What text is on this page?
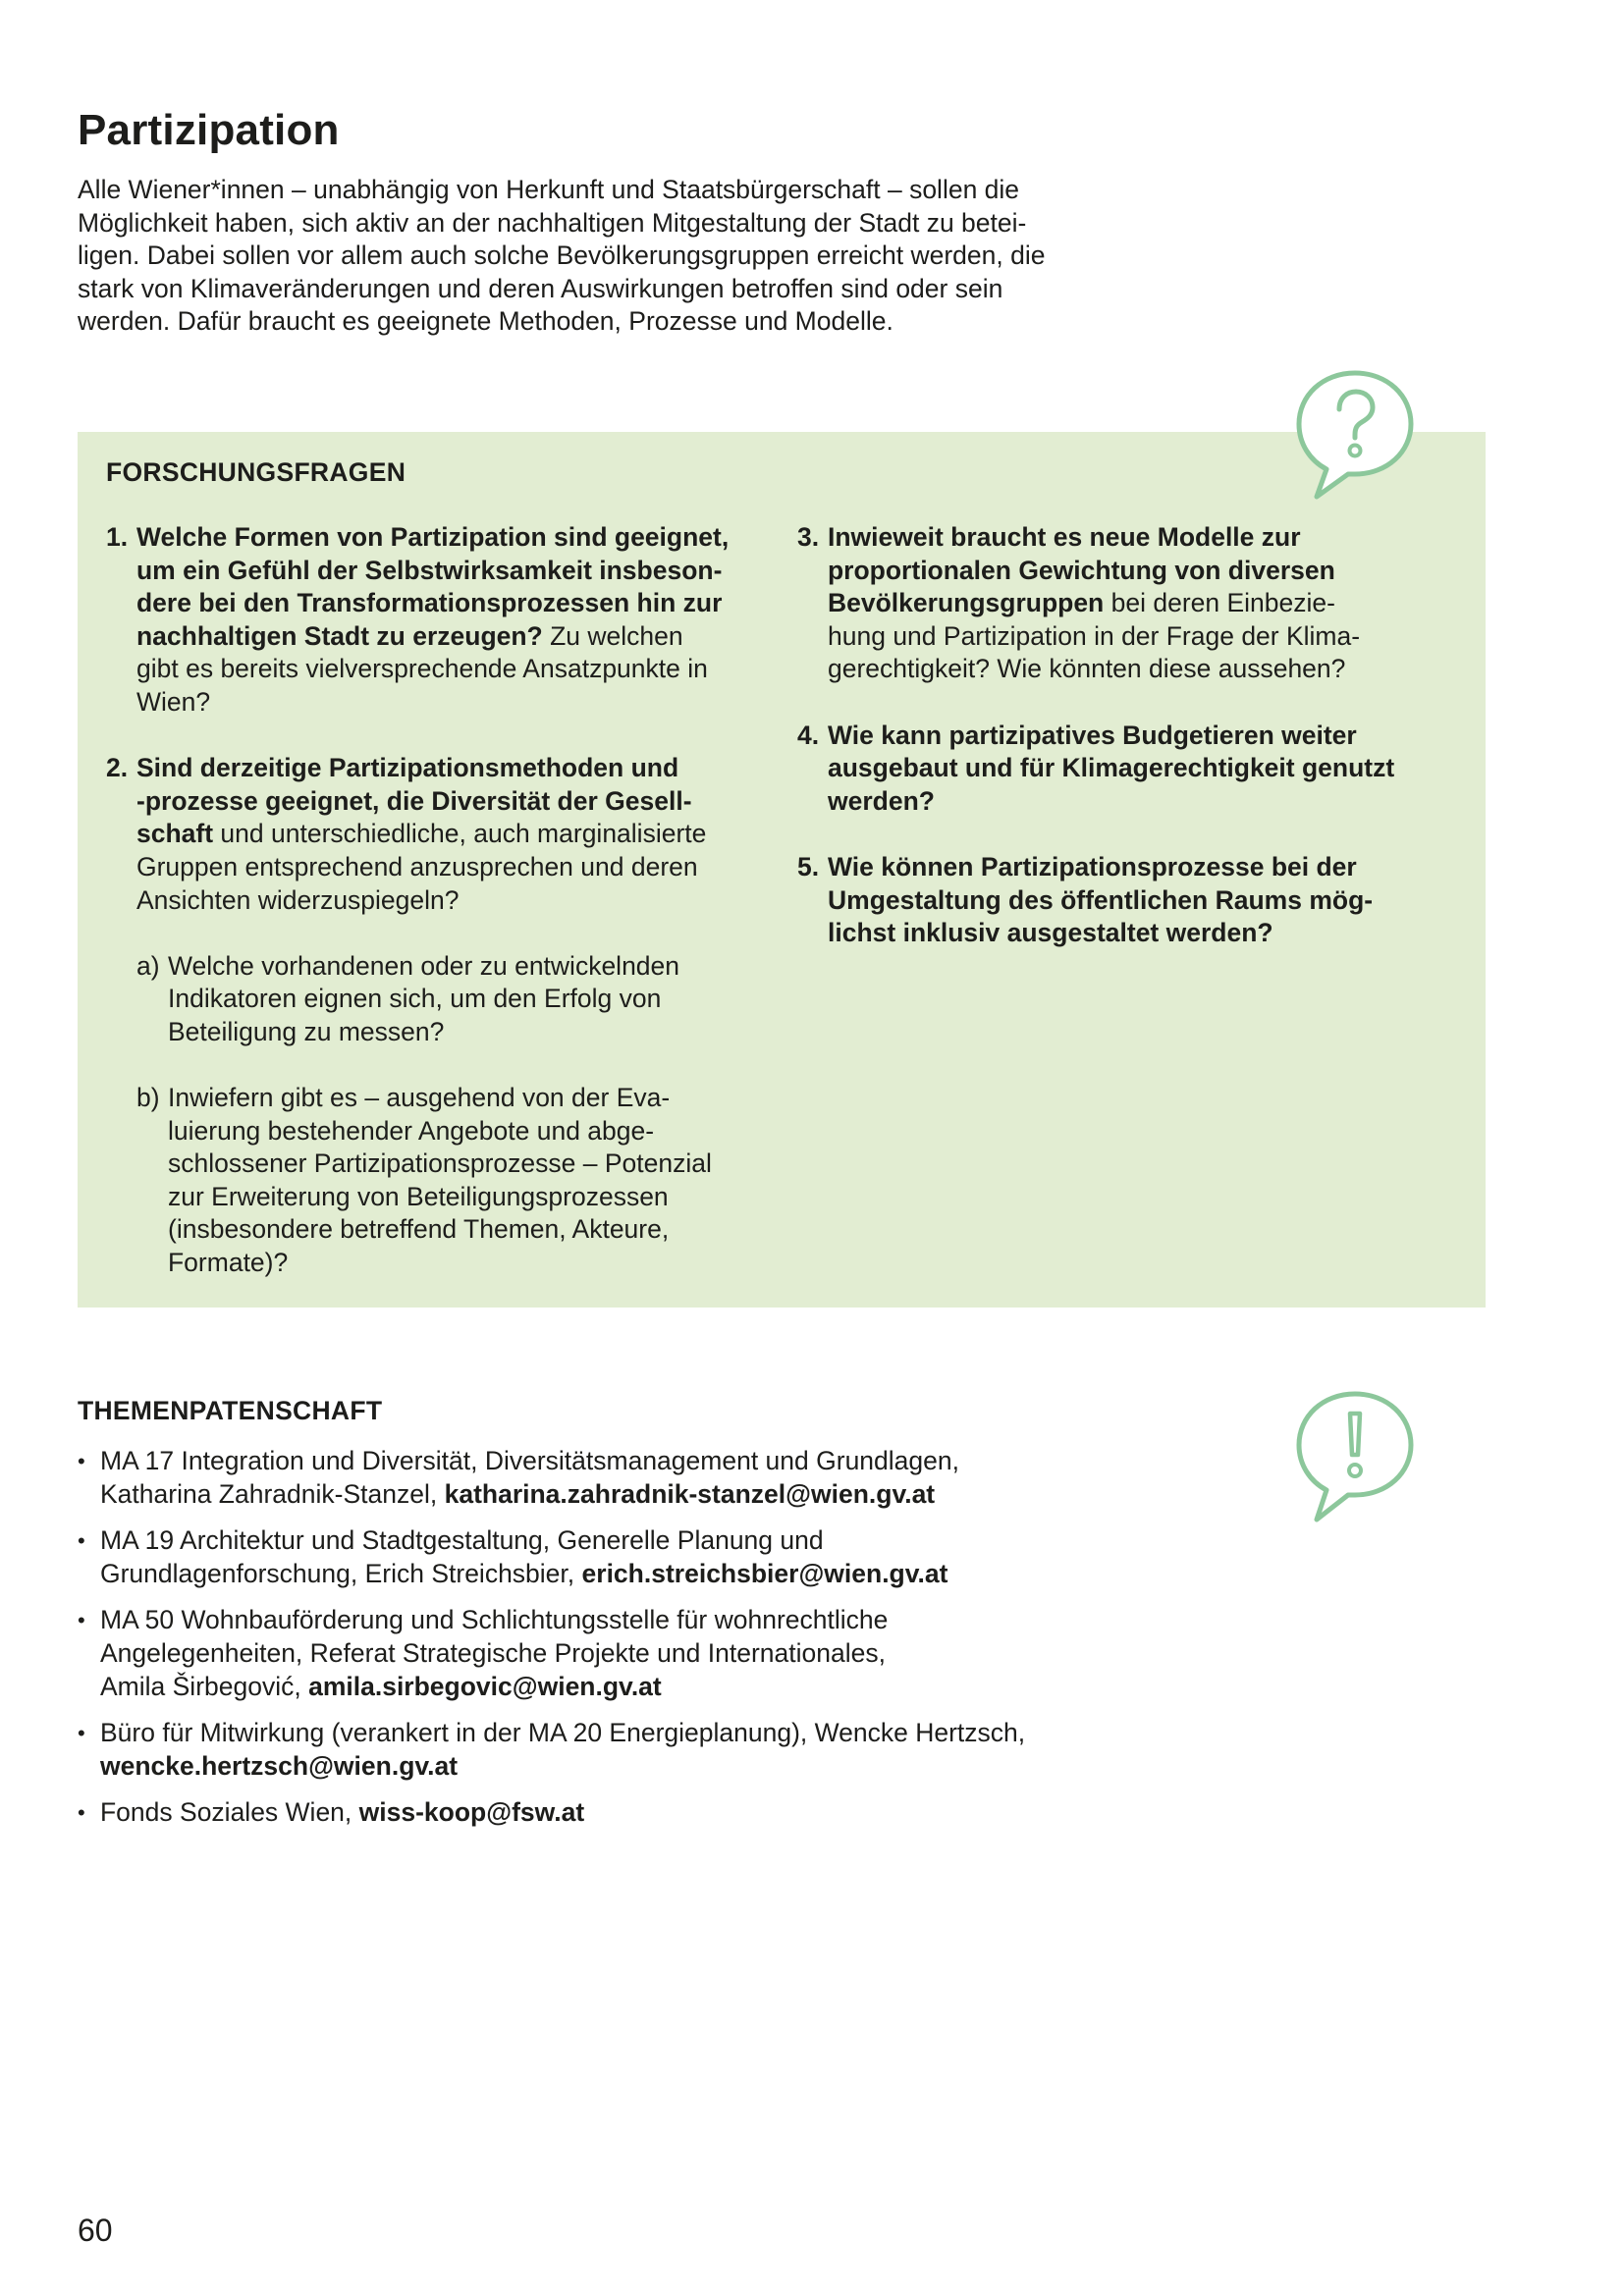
Partizipation

Alle Wiener*innen – unabhängig von Herkunft und Staatsbürgerschaft – sollen die
Möglichkeit haben, sich aktiv an der nachhaltigen Mitgestaltung der Stadt zu betei-
ligen. Dabei sollen vor allem auch solche Bevölkerungsgruppen erreicht werden, die
stark von Klimaveränderungen und deren Auswirkungen betroffen sind oder sein
werden. Dafür braucht es geeignete Methoden, Prozesse und Modelle.

FORSCHUNGSFRAGEN
1. Welche Formen von Partizipation sind geeignet,
um ein Gefühl der Selbstwirksamkeit insbeson-
dere bei den Transformationsprozessen hin zur
nachhaltigen Stadt zu erzeugen? Zu welchen
gibt es bereits vielversprechende Ansatzpunkte in
Wien?
2. Sind derzeitige Partizipationsmethoden und
-prozesse geeignet, die Diversität der Gesell-
schaft und unterschiedliche, auch marginalisierte
Gruppen entsprechend anzusprechen und deren
Ansichten widerzuspiegeln?
a) Welche vorhandenen oder zu entwickelnden
Indikatoren eignen sich, um den Erfolg von
Beteiligung zu messen?
b) Inwiefern gibt es – ausgehend von der Eva-
luierung bestehender Angebote und abge-
schlossener Partizipationsprozesse – Potenzial
zur Erweiterung von Beteiligungsprozessen
(insbesondere betreffend Themen, Akteure,
Formate)?
3. Inwieweit braucht es neue Modelle zur
proportionalen Gewichtung von diversen
Bevölkerungsgruppen bei deren Einbezie-
hung und Partizipation in der Frage der Klima-
gerechtigkeit? Wie könnten diese aussehen?
4. Wie kann partizipatives Budgetieren weiter
ausgebaut und für Klimagerechtigkeit genutzt
werden?
5. Wie können Partizipationsprozesse bei der
Umgestaltung des öffentlichen Raums mög-
lichst inklusiv ausgestaltet werden?
THEMENPATENSCHAFT
• MA 17 Integration und Diversität, Diversitätsmanagement und Grundlagen,
Katharina Zahradnik-Stanzel, katharina.zahradnik-stanzel@wien.gv.at
• MA 19 Architektur und Stadtgestaltung, Generelle Planung und
Grundlagenforschung, Erich Streichsbier, erich.streichsbier@wien.gv.at
• MA 50 Wohnbauförderung und Schlichtungsstelle für wohnrechtliche
Angelegenheiten, Referat Strategische Projekte und Internationales,
Amila Širbegović, amila.sirbegovic@wien.gv.at
• Büro für Mitwirkung (verankert in der MA 20 Energieplanung), Wencke Hertzsch,
wencke.hertzsch@wien.gv.at
• Fonds Soziales Wien, wiss-koop@fsw.at

60
